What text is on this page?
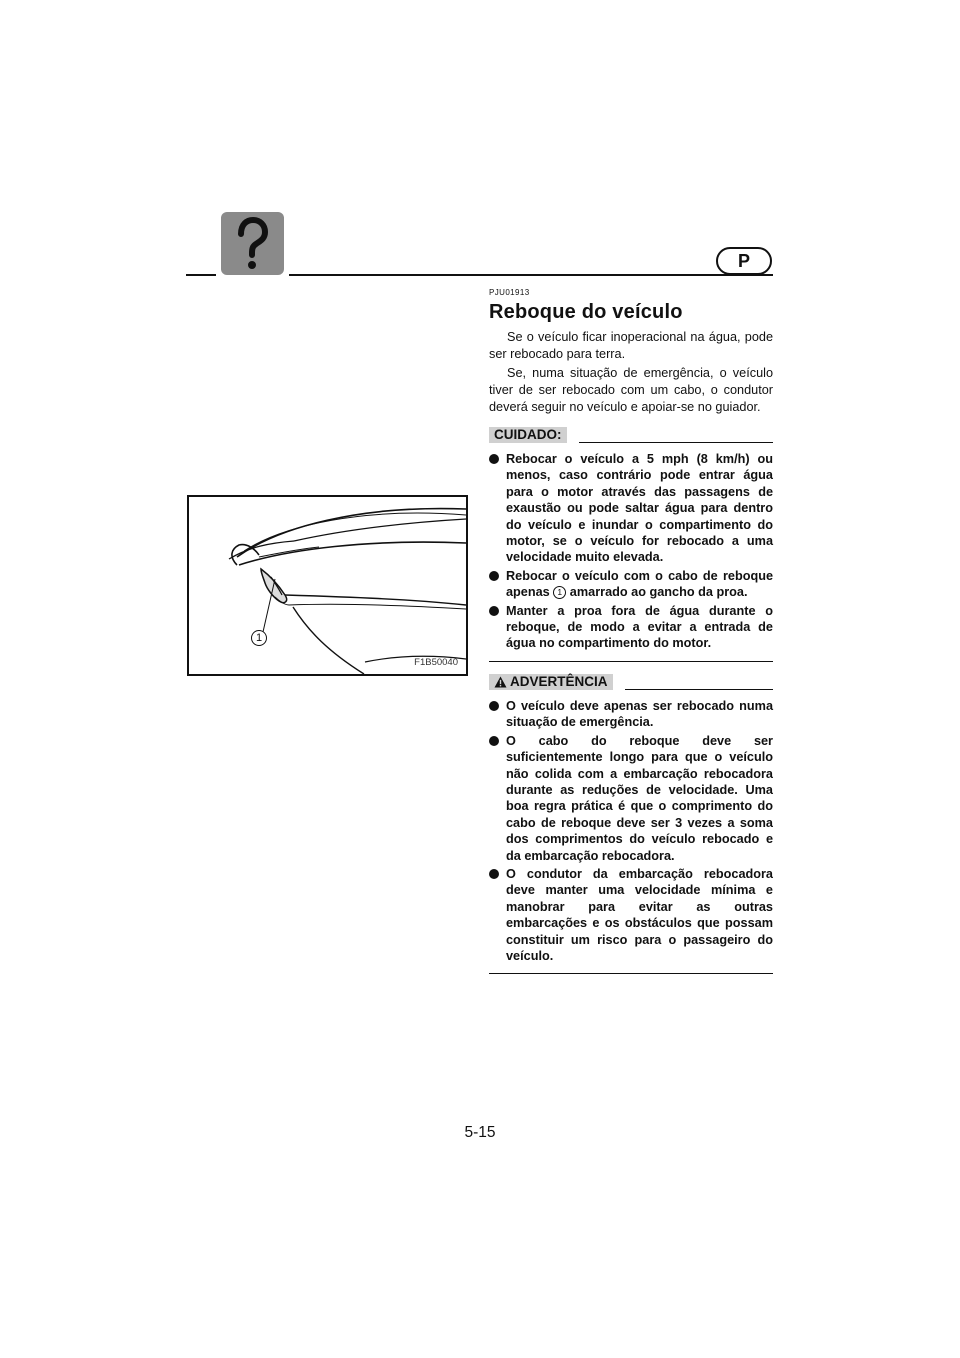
P
1
F1B50040
PJU01913
Reboque do veículo

Se o veículo ficar inoperacional na água, pode ser rebocado para terra.

Se, numa situação de emergência, o veículo tiver de ser rebocado com um cabo, o condutor deverá seguir no veículo e apoiar-se no guiador.

CUIDADO:
Rebocar o veículo a 5 mph (8 km/h) ou menos, caso contrário pode entrar água para o motor através das passagens de exaustão ou pode saltar água para dentro do veículo e inundar o compartimento do motor, se o veículo for rebocado a uma velocidade muito elevada.
Rebocar o veículo com o cabo de reboque apenas 1 amarrado ao gancho da proa.
Manter a proa fora de água durante o reboque, de modo a evitar a entrada de água no compartimento do motor.
ADVERTÊNCIA
O veículo deve apenas ser rebocado numa situação de emergência.
O cabo do reboque deve ser suficientemente longo para que o veículo não colida com a embarcação rebocadora durante as reduções de velocidade. Uma boa regra prática é que o comprimento do cabo de reboque deve ser 3 vezes a soma dos comprimentos do veículo rebocado e da embarcação rebocadora.
O condutor da embarcação rebocadora deve manter uma velocidade mínima e manobrar para evitar as outras embarcações e os obstáculos que possam constituir um risco para o passageiro do veículo.
5-15
